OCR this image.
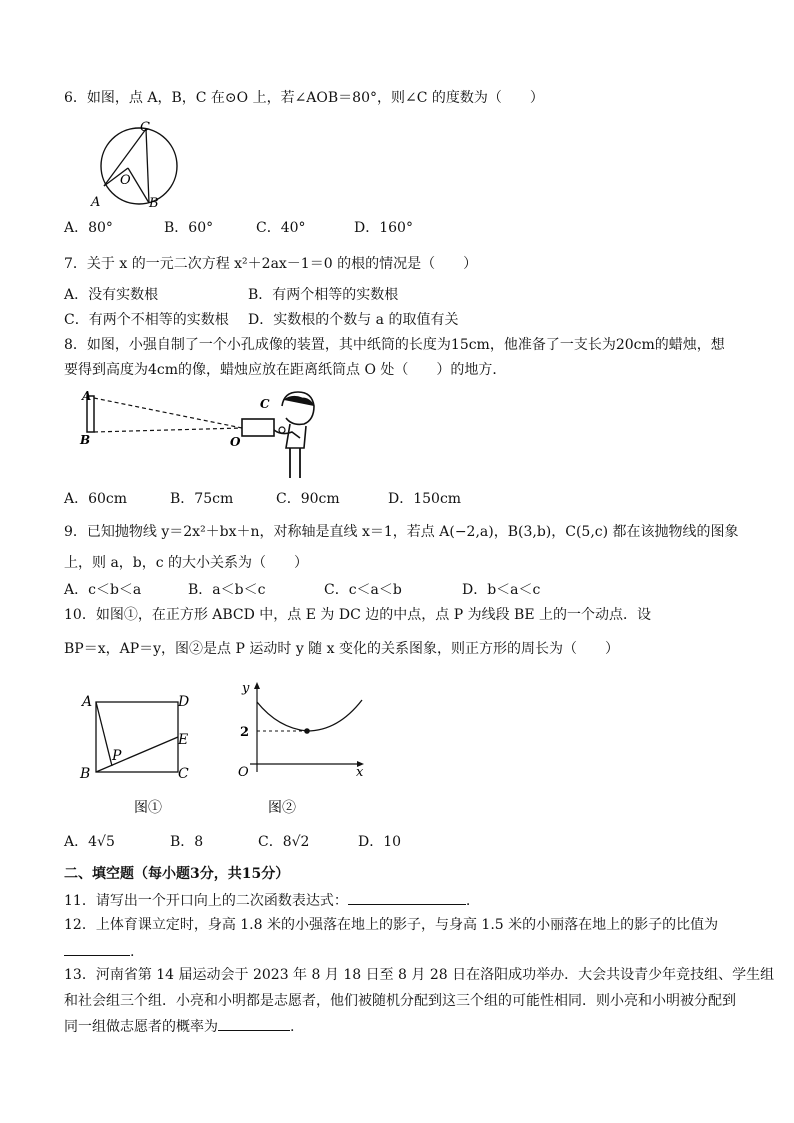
6．如图，点 A，B，C 在⊙O 上，若∠AOB＝80°，则∠C 的度数为（　　）
C
O
A	B
A．80°	B．60°	C．40°	D．160°
7．关于 x 的一元二次方程 x²＋2ax－1＝0 的根的情况是（　　）
A．没有实数根	B．有两个相等的实数根
C．有两个不相等的实数根 D．实数根的个数与 a 的取值有关
8．如图，小强自制了一个小孔成像的装置，其中纸筒的长度为15cm，他准备了一支长为20cm的蜡烛，想
要得到高度为4cm的像，蜡烛应放在距离纸筒点 O 处（　　）的地方．
A
B
C
O
A．60cm	B．75cm	C．90cm	D．150cm
9．已知抛物线 y＝2x²＋bx＋n，对称轴是直线 x＝1，若点 A(−2,a)，B(3,b)，C(5,c) 都在该抛物线的图象
上，则 a，b，c 的大小关系为（　　）
A．c＜b＜a	B．a＜b＜c	C．c＜a＜b	D．b＜a＜c
10．如图①，在正方形 ABCD 中，点 E 为 DC 边的中点，点 P 为线段 BE 上的一个动点．设
BP＝x，AP＝y，图②是点 P 运动时 y 随 x 变化的关系图象，则正方形的周长为（　　）
A	D
E
P
B	C
图①
y
x
O
2
图②
A．4√5	B．8	C．8√2	D．10
二、填空题（每小题3分，共15分）
11．请写出一个开口向上的二次函数表达式：	.
12．上体育课立定时，身高 1.8 米的小强落在地上的影子，与身高 1.5 米的小丽落在地上的影子的比值为
.
13．河南省第 14 届运动会于 2023 年 8 月 18 日至 8 月 28 日在洛阳成功举办．大会共设青少年竞技组、学生组
和社会组三个组．小亮和小明都是志愿者，他们被随机分配到这三个组的可能性相同．则小亮和小明被分配到
同一组做志愿者的概率为	.
